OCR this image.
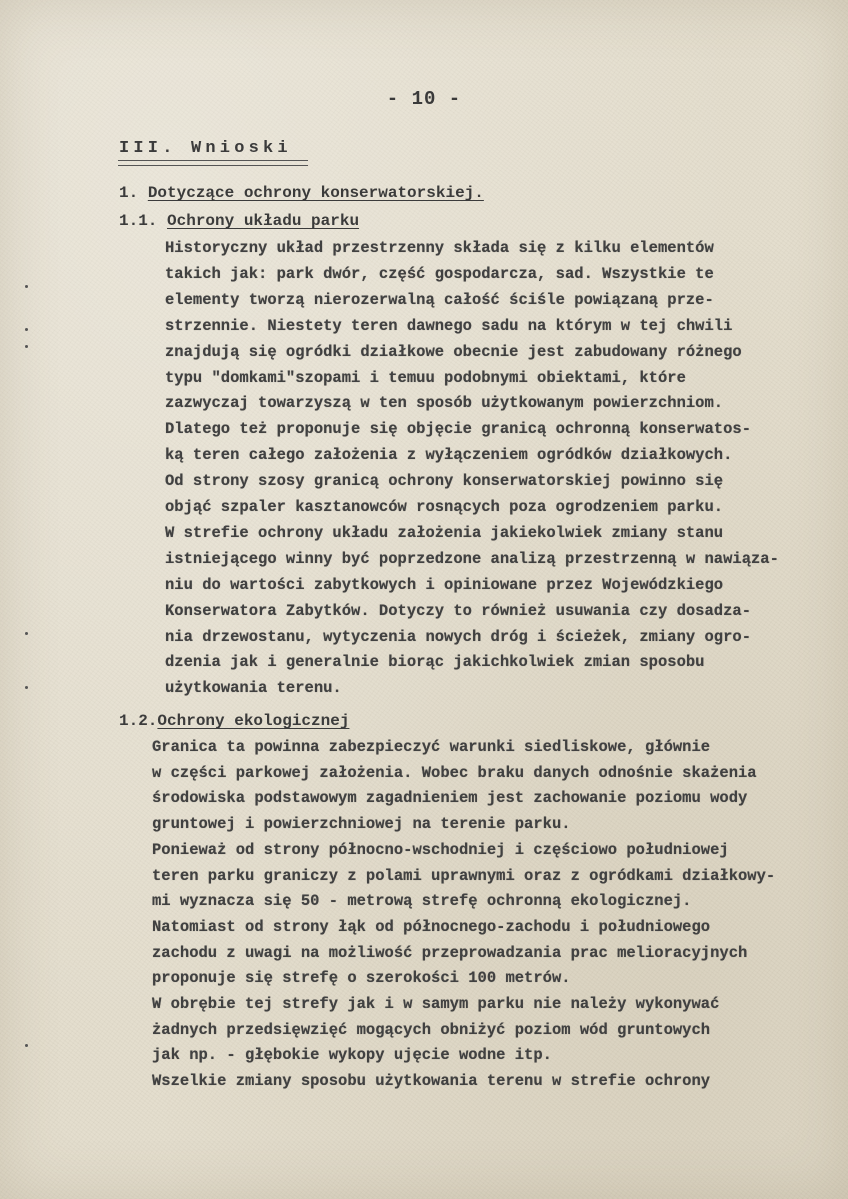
- 10 -
III. Wnioski
1. Dotyczące ochrony konserwatorskiej.
1.1. Ochrony układu parku
Historyczny układ przestrzenny składa się z kilku elementów
takich jak: park dwór, część gospodarcza, sad. Wszystkie te
elementy tworzą nierozerwalną całość ściśle powiązaną prze-
strzennie. Niestety teren dawnego sadu na którym w tej chwili
znajdują się ogródki działkowe obecnie jest zabudowany różnego
typu "domkami"szopami i temuu podobnymi obiektami, które
zazwyczaj towarzyszą w ten sposób użytkowanym powierzchniom.
Dlatego też proponuje się objęcie granicą ochronną konserwatos-
ką teren całego założenia z wyłączeniem ogródków działkowych.
Od strony szosy granicą ochrony konserwatorskiej powinno się
objąć szpaler kasztanowców rosnących poza ogrodzeniem parku.
W strefie ochrony układu założenia jakiekolwiek zmiany stanu
istniejącego winny być poprzedzone analizą przestrzenną w nawiąza-
niu do wartości zabytkowych i opiniowane przez Wojewódzkiego
Konserwatora Zabytków. Dotyczy to również usuwania czy dosadza-
nia drzewostanu, wytyczenia nowych dróg i ścieżek, zmiany ogro-
dzenia jak i generalnie biorąc jakichkolwiek zmian sposobu
użytkowania terenu.
1.2.Ochrony ekologicznej
Granica ta powinna zabezpieczyć warunki siedliskowe, głównie
w części parkowej założenia. Wobec braku danych odnośnie skażenia
środowiska podstawowym zagadnieniem jest zachowanie poziomu wody
gruntowej i powierzchniowej na terenie parku.
Ponieważ od strony północno-wschodniej i częściowo południowej
teren parku graniczy z polami uprawnymi oraz z ogródkami działkowy-
mi wyznacza się 50 - metrową strefę ochronną ekologicznej.
Natomiast od strony łąk od północnego-zachodu i południowego
zachodu z uwagi na możliwość przeprowadzania prac melioracyjnych
proponuje się strefę o szerokości 100 metrów.
W obrębie tej strefy jak i w samym parku nie należy wykonywać
żadnych przedsięwzięć mogących obniżyć poziom wód gruntowych
jak np. - głębokie wykopy ujęcie wodne itp.
Wszelkie zmiany sposobu użytkowania terenu w strefie ochrony
